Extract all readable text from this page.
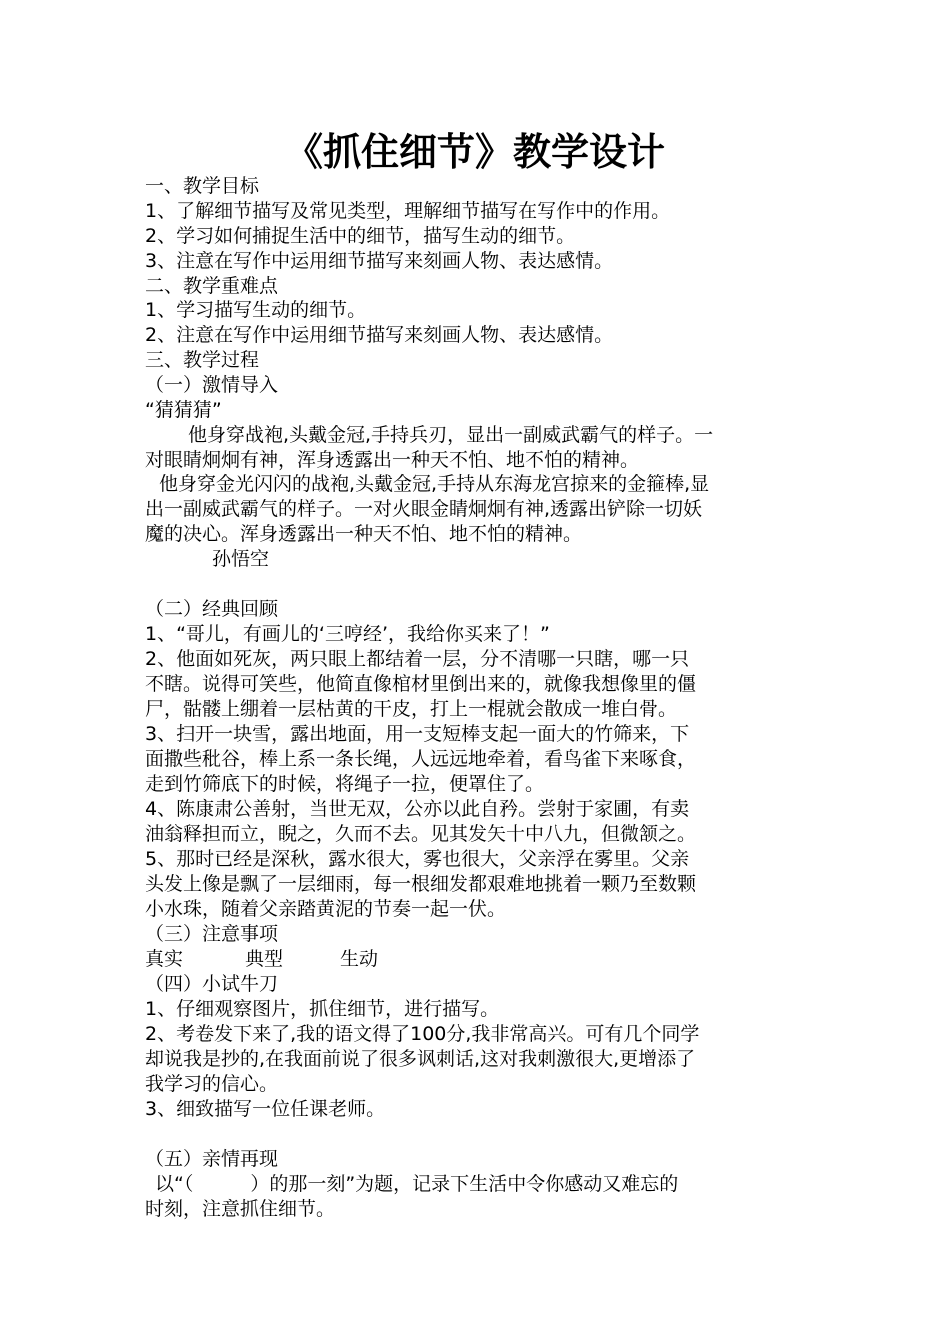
《抓住细节》教学设计
一、教学目标
1、了解细节描写及常见类型，理解细节描写在写作中的作用。
2、学习如何捕捉生活中的细节，描写生动的细节。
3、注意在写作中运用细节描写来刻画人物、表达感情。
二、教学重难点
1、学习描写生动的细节。
2、注意在写作中运用细节描写来刻画人物、表达感情。
三、教学过程
（一）激情导入
“猜猜猜”
他身穿战袍,头戴金冠,手持兵刃，显出一副威武霸气的样子。一
对眼睛炯炯有神，浑身透露出一种天不怕、地不怕的精神。
他身穿金光闪闪的战袍,头戴金冠,手持从东海龙宫掠来的金箍棒,显
出一副威武霸气的样子。一对火眼金睛炯炯有神,透露出铲除一切妖
魔的决心。浑身透露出一种天不怕、地不怕的精神。
孙悟空
（二）经典回顾
1、“哥儿，有画儿的‘三哼经’，我给你买来了！”
2、他面如死灰，两只眼上都结着一层，分不清哪一只瞎，哪一只
不瞎。说得可笑些，他简直像棺材里倒出来的，就像我想像里的僵
尸，骷髅上绷着一层枯黄的干皮，打上一棍就会散成一堆白骨。
3、扫开一块雪，露出地面，用一支短棒支起一面大的竹筛来，下
面撒些秕谷，棒上系一条长绳，人远远地牵着，看鸟雀下来啄食，
走到竹筛底下的时候，将绳子一拉，便罩住了。
4、陈康肃公善射，当世无双，公亦以此自矜。尝射于家圃，有卖
油翁释担而立，睨之，久而不去。见其发矢十中八九，但微颔之。
5、那时已经是深秋，露水很大，雾也很大，父亲浮在雾里。父亲
头发上像是飘了一层细雨，每一根细发都艰难地挑着一颗乃至数颗
小水珠，随着父亲踏黄泥的节奏一起一伏。
（三）注意事项
真实	典型	生动
（四）小试牛刀
1、仔细观察图片，抓住细节，进行描写。
2、考卷发下来了,我的语文得了100分,我非常高兴。可有几个同学
却说我是抄的,在我面前说了很多讽刺话,这对我刺激很大,更增添了
我学习的信心。
3、细致描写一位任课老师。
（五）亲情再现
以“（　　　）的那一刻”为题，记录下生活中令你感动又难忘的
时刻，注意抓住细节。
